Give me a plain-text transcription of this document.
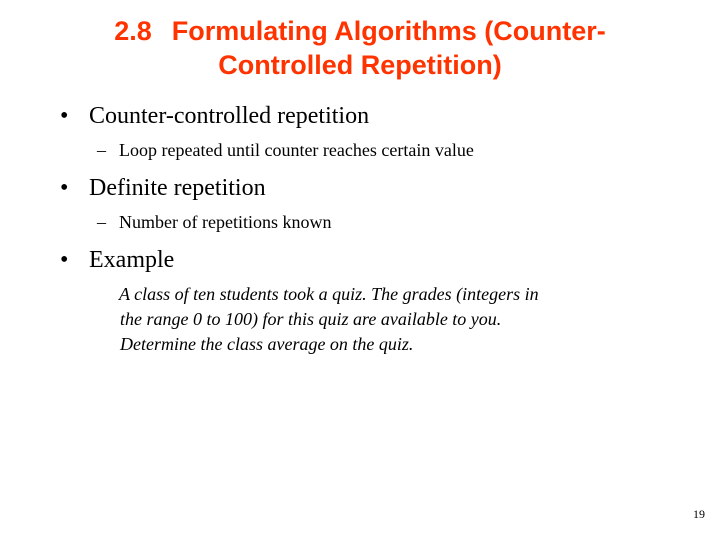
2.8 Formulating Algorithms (Counter-
Controlled Repetition)
• Counter-controlled repetition
– Loop repeated until counter reaches certain value
• Definite repetition
– Number of repetitions known
• Example
A class of ten students took a quiz. The grades (integers in
the range 0 to 100) for this quiz are available to you.
Determine the class average on the quiz.
19
